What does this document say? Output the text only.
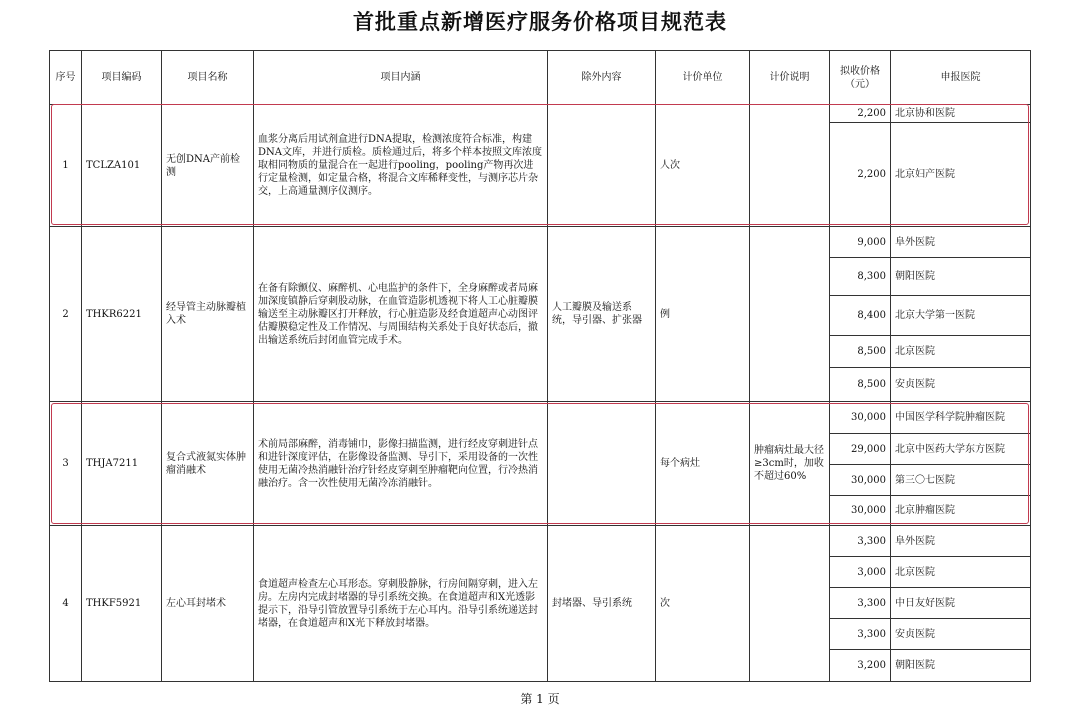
首批重点新增医疗服务价格项目规范表
序号	项目编码	项目名称	项目内涵	除外内容	计价单位	计价说明	拟收价格（元）	申报医院
1	TCLZA101	无创DNA产前检测	血浆分离后用试剂盒进行DNA提取，检测浓度符合标准，构建DNA文库，并进行质检。质检通过后，将多个样本按照文库浓度取相同物质的量混合在一起进行pooling，pooling产物再次进行定量检测，如定量合格，将混合文库稀释变性，与测序芯片杂交，上高通量测序仪测序。		人次		2,200	北京协和医院
							2,200	北京妇产医院
2	THKR6221	经导管主动脉瓣植入术	在备有除颤仪、麻醉机、心电监护的条件下，全身麻醉或者局麻加深度镇静后穿刺股动脉，在血管造影机透视下将人工心脏瓣膜输送至主动脉瓣区打开释放，行心脏造影及经食道超声心动图评估瓣膜稳定性及工作情况、与周围结构关系处于良好状态后，撤出输送系统后封闭血管完成手术。	人工瓣膜及输送系统，导引器、扩张器	例		9,000	阜外医院
							8,300	朝阳医院
							8,400	北京大学第一医院
							8,500	北京医院
							8,500	安贞医院
3	THJA7211	复合式液氮实体肿瘤消融术	术前局部麻醉，消毒铺巾，影像扫描监测，进行经皮穿刺进针点和进针深度评估，在影像设备监测、导引下，采用设备的一次性使用无菌冷热消融针治疗针经皮穿刺至肿瘤靶向位置，行冷热消融治疗。含一次性使用无菌冷冻消融针。		每个病灶	肿瘤病灶最大径≥3cm时，加收不超过60%	30,000	中国医学科学院肿瘤医院
							29,000	北京中医药大学东方医院
							30,000	第三〇七医院
							30,000	北京肿瘤医院
4	THKF5921	左心耳封堵术	食道超声检查左心耳形态。穿刺股静脉，行房间隔穿刺，进入左房。左房内完成封堵器的导引系统交换。在食道超声和X光透影提示下，沿导引管放置导引系统于左心耳内。沿导引系统递送封堵器，在食道超声和X光下释放封堵器。	封堵器、导引系统	次		3,300	阜外医院
							3,000	北京医院
							3,300	中日友好医院
							3,300	安贞医院
							3,200	朝阳医院
第 1 页
